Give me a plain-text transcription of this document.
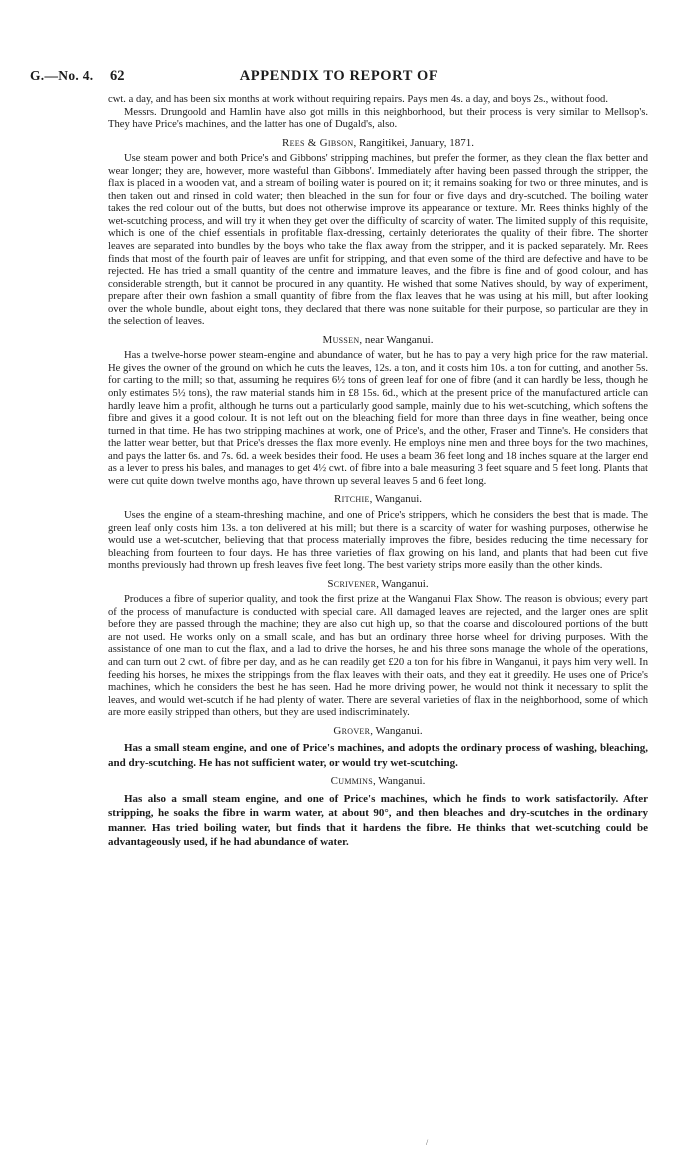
G.—No. 4. 62	APPENDIX TO REPORT OF

cwt. a day, and has been six months at work without requiring repairs. Pays men 4s. a day, and boys 2s., without food.

Messrs. Drungoold and Hamlin have also got mills in this neighborhood, but their process is very similar to Mellsop's. They have Price's machines, and the latter has one of Dugald's, also.

Rees & Gibson, Rangitikei, January, 1871.

Use steam power and both Price's and Gibbons' stripping machines, but prefer the former, as they clean the flax better and wear longer; they are, however, more wasteful than Gibbons'. Immediately after having been passed through the stripper, the flax is placed in a wooden vat, and a stream of boiling water is poured on it; it remains soaking for two or three minutes, and is then taken out and rinsed in cold water; then bleached in the sun for four or five days and dry-scutched. The boiling water takes the red colour out of the butts, but does not otherwise improve its appearance or texture. Mr. Rees thinks highly of the wet-scutching process, and will try it when they get over the difficulty of scarcity of water. The limited supply of this requisite, which is one of the chief essentials in profitable flax-dressing, certainly deteriorates the quality of their fibre. The shorter leaves are separated into bundles by the boys who take the flax away from the stripper, and it is packed separately. Mr. Rees finds that most of the fourth pair of leaves are unfit for stripping, and that even some of the third are defective and have to be rejected. He has tried a small quantity of the centre and immature leaves, and the fibre is fine and of good colour, and has considerable strength, but it cannot be procured in any quantity. He wished that some Natives should, by way of experiment, prepare after their own fashion a small quantity of fibre from the flax leaves that he was using at his mill, but after looking over the whole bundle, about eight tons, they declared that there was none suitable for their purpose, so particular are they in the selection of leaves.

Mussen, near Wanganui.

Has a twelve-horse power steam-engine and abundance of water, but he has to pay a very high price for the raw material. He gives the owner of the ground on which he cuts the leaves, 12s. a ton, and it costs him 10s. a ton for cutting, and another 5s. for carting to the mill; so that, assuming he requires 6½ tons of green leaf for one of fibre (and it can hardly be less, though he only estimates 5½ tons), the raw material stands him in £8 15s. 6d., which at the present price of the manufactured article can hardly leave him a profit, although he turns out a particularly good sample, mainly due to his wet-scutching, which softens the fibre and gives it a good colour. It is not left out on the bleaching field for more than three days in fine weather, being once turned in that time. He has two stripping machines at work, one of Price's, and the other, Fraser and Tinne's. He considers that the latter wear better, but that Price's dresses the flax more evenly. He employs nine men and three boys for the two machines, and pays the latter 6s. and 7s. 6d. a week besides their food. He uses a beam 36 feet long and 18 inches square at the larger end as a lever to press his bales, and manages to get 4½ cwt. of fibre into a bale measuring 3 feet square and 5 feet long. Plants that were cut quite down twelve months ago, have thrown up several leaves 5 and 6 feet long.

Ritchie, Wanganui.

Uses the engine of a steam-threshing machine, and one of Price's strippers, which he considers the best that is made. The green leaf only costs him 13s. a ton delivered at his mill; but there is a scarcity of water for washing purposes, otherwise he would use a wet-scutcher, believing that that process materially improves the fibre, besides reducing the time necessary for bleaching from fourteen to four days. He has three varieties of flax growing on his land, and plants that had been cut five months previously had thrown up fresh leaves five feet long. The best variety strips more easily than the other kinds.

Scrivener, Wanganui.

Produces a fibre of superior quality, and took the first prize at the Wanganui Flax Show. The reason is obvious; every part of the process of manufacture is conducted with special care. All damaged leaves are rejected, and the larger ones are split before they are passed through the machine; they are also cut high up, so that the coarse and discoloured portions of the butt are not used. He works only on a small scale, and has but an ordinary three horse wheel for driving purposes. With the assistance of one man to cut the flax, and a lad to drive the horses, he and his three sons manage the whole of the operations, and can turn out 2 cwt. of fibre per day, and as he can readily get £20 a ton for his fibre in Wanganui, it pays him very well. In feeding his horses, he mixes the strippings from the flax leaves with their oats, and they eat it greedily. He uses one of Price's machines, which he considers the best he has seen. Had he more driving power, he would not think it necessary to split the leaves, and would wet-scutch if he had plenty of water. There are several varieties of flax in the neighborhood, some of which are more easily stripped than others, but they are used indiscriminately.

Grover, Wanganui.

Has a small steam engine, and one of Price's machines, and adopts the ordinary process of washing, bleaching, and dry-scutching. He has not sufficient water, or would try wet-scutching.

Cummins, Wanganui.

Has also a small steam engine, and one of Price's machines, which he finds to work satisfactorily. After stripping, he soaks the fibre in warm water, at about 90°, and then bleaches and dry-scutches in the ordinary manner. Has tried boiling water, but finds that it hardens the fibre. He thinks that wet-scutching could be advantageously used, if he had abundance of water.

/
